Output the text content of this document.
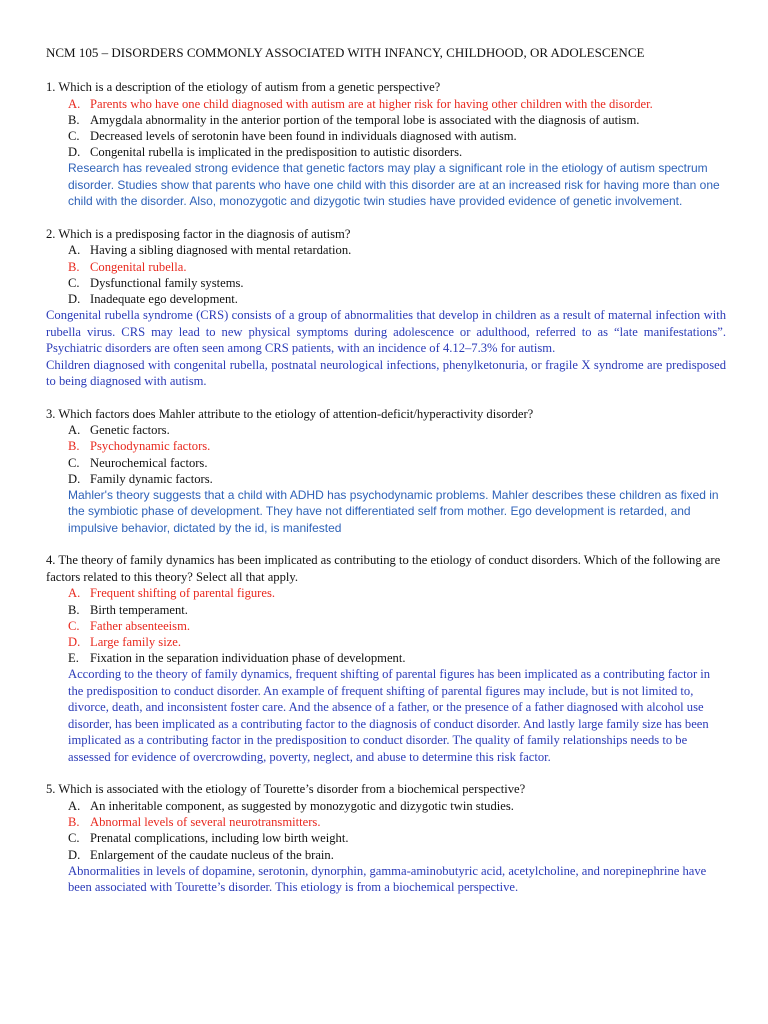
NCM 105 – DISORDERS COMMONLY ASSOCIATED WITH INFANCY, CHILDHOOD, OR ADOLESCENCE
1. Which is a description of the etiology of autism from a genetic perspective?
A. Parents who have one child diagnosed with autism are at higher risk for having other children with the disorder.
B. Amygdala abnormality in the anterior portion of the temporal lobe is associated with the diagnosis of autism.
C. Decreased levels of serotonin have been found in individuals diagnosed with autism.
D. Congenital rubella is implicated in the predisposition to autistic disorders.
Research has revealed strong evidence that genetic factors may play a significant role in the etiology of autism spectrum disorder. Studies show that parents who have one child with this disorder are at an increased risk for having more than one child with the disorder. Also, monozygotic and dizygotic twin studies have provided evidence of genetic involvement.
2. Which is a predisposing factor in the diagnosis of autism?
A. Having a sibling diagnosed with mental retardation.
B. Congenital rubella.
C. Dysfunctional family systems.
D. Inadequate ego development.
Congenital rubella syndrome (CRS) consists of a group of abnormalities that develop in children as a result of maternal infection with rubella virus. CRS may lead to new physical symptoms during adolescence or adulthood, referred to as “late manifestations”. Psychiatric disorders are often seen among CRS patients, with an incidence of 4.12–7.3% for autism.
Children diagnosed with congenital rubella, postnatal neurological infections, phenylketonuria, or fragile X syndrome are predisposed to being diagnosed with autism.
3. Which factors does Mahler attribute to the etiology of attention-deficit/hyperactivity disorder?
A. Genetic factors.
B. Psychodynamic factors.
C. Neurochemical factors.
D. Family dynamic factors.
Mahler's theory suggests that a child with ADHD has psychodynamic problems. Mahler describes these children as fixed in the symbiotic phase of development. They have not differentiated self from mother. Ego development is retarded, and impulsive behavior, dictated by the id, is manifested
4. The theory of family dynamics has been implicated as contributing to the etiology of conduct disorders. Which of the following are factors related to this theory? Select all that apply.
A. Frequent shifting of parental figures.
B. Birth temperament.
C. Father absenteeism.
D. Large family size.
E. Fixation in the separation individuation phase of development.
According to the theory of family dynamics, frequent shifting of parental figures has been implicated as a contributing factor in the predisposition to conduct disorder. An example of frequent shifting of parental figures may include, but is not limited to, divorce, death, and inconsistent foster care. And the absence of a father, or the presence of a father diagnosed with alcohol use disorder, has been implicated as a contributing factor to the diagnosis of conduct disorder. And lastly large family size has been implicated as a contributing factor in the predisposition to conduct disorder. The quality of family relationships needs to be assessed for evidence of overcrowding, poverty, neglect, and abuse to determine this risk factor.
5. Which is associated with the etiology of Tourette’s disorder from a biochemical perspective?
A. An inheritable component, as suggested by monozygotic and dizygotic twin studies.
B. Abnormal levels of several neurotransmitters.
C. Prenatal complications, including low birth weight.
D. Enlargement of the caudate nucleus of the brain.
Abnormalities in levels of dopamine, serotonin, dynorphin, gamma-aminobutyric acid, acetylcholine, and norepinephrine have been associated with Tourette’s disorder. This etiology is from a biochemical perspective.
